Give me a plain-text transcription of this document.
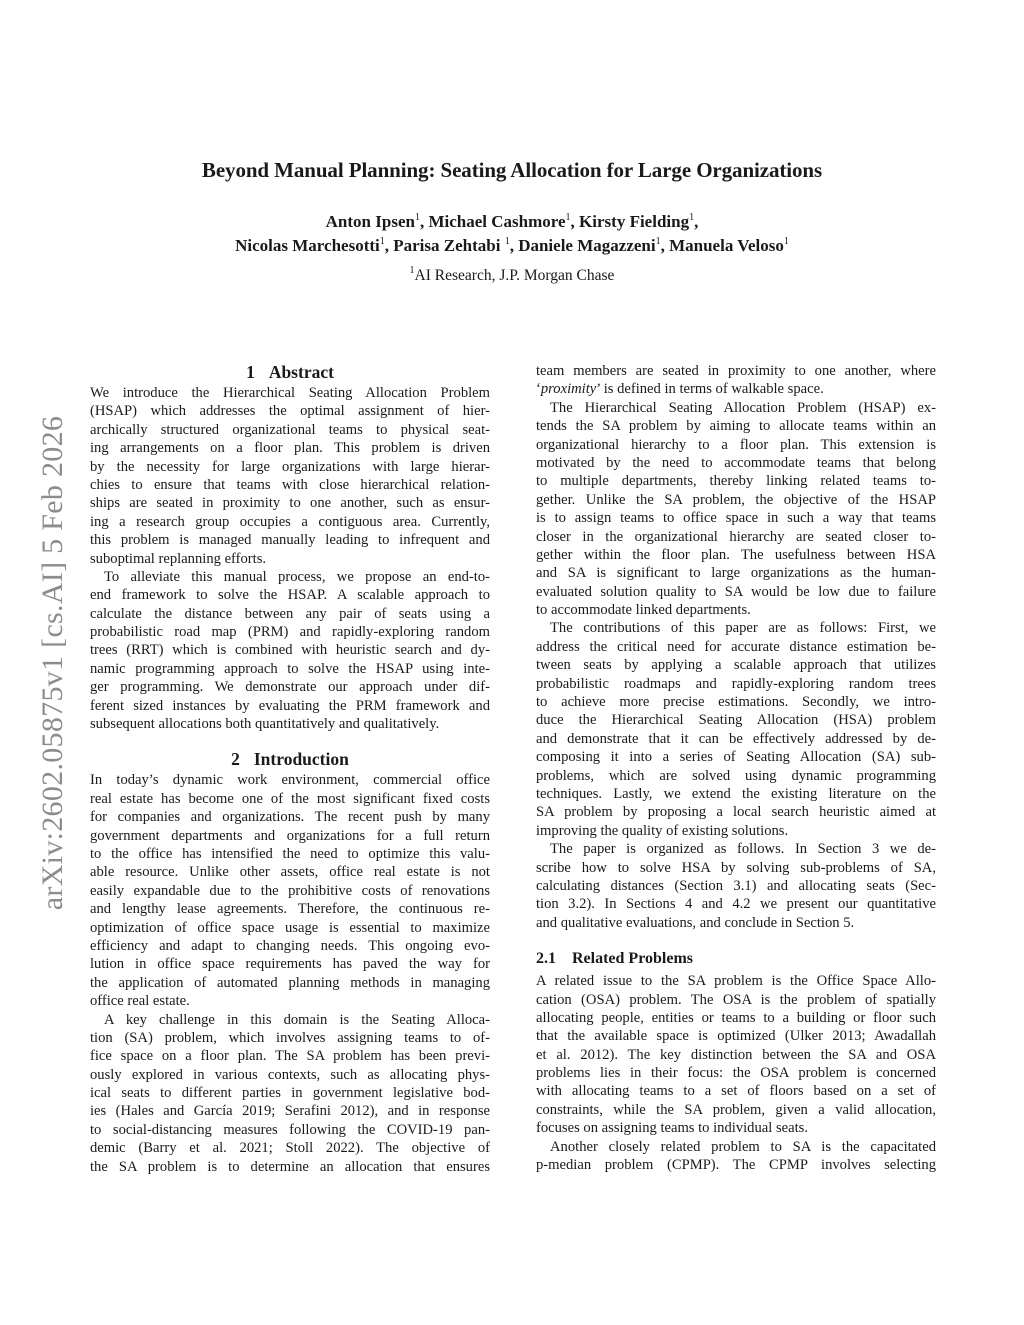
Beyond Manual Planning: Seating Allocation for Large Organizations
Anton Ipsen$^1$, Michael Cashmore$^1$, Kirsty Fielding$^1$,
Nicolas Marchesotti$^1$, Parisa Zehtabi $^1$, Daniele Magazzeni$^1$, Manuela Veloso$^1$
$^1$AI Research, J.P. Morgan Chase
arXiv:2602.05875v1 [cs.AI] 5 Feb 2026
1 Abstract
We introduce the Hierarchical Seating Allocation Problem
(HSAP) which addresses the optimal assignment of hier-
archically structured organizational teams to physical seat-
ing arrangements on a floor plan. This problem is driven
by the necessity for large organizations with large hierar-
chies to ensure that teams with close hierarchical relation-
ships are seated in proximity to one another, such as ensur-
ing a research group occupies a contiguous area. Currently,
this problem is managed manually leading to infrequent and
suboptimal replanning efforts.
To alleviate this manual process, we propose an end-to-
end framework to solve the HSAP. A scalable approach to
calculate the distance between any pair of seats using a
probabilistic road map (PRM) and rapidly-exploring random
trees (RRT) which is combined with heuristic search and dy-
namic programming approach to solve the HSAP using inte-
ger programming. We demonstrate our approach under dif-
ferent sized instances by evaluating the PRM framework and
subsequent allocations both quantitatively and qualitatively.
2 Introduction
In today’s dynamic work environment, commercial office
real estate has become one of the most significant fixed costs
for companies and organizations. The recent push by many
government departments and organizations for a full return
to the office has intensified the need to optimize this valu-
able resource. Unlike other assets, office real estate is not
easily expandable due to the prohibitive costs of renovations
and lengthy lease agreements. Therefore, the continuous re-
optimization of office space usage is essential to maximize
efficiency and adapt to changing needs. This ongoing evo-
lution in office space requirements has paved the way for
the application of automated planning methods in managing
office real estate.
A key challenge in this domain is the Seating Alloca-
tion (SA) problem, which involves assigning teams to of-
fice space on a floor plan. The SA problem has been previ-
ously explored in various contexts, such as allocating phys-
ical seats to different parties in government legislative bod-
ies (Hales and García 2019; Serafini 2012), and in response
to social-distancing measures following the COVID-19 pan-
demic (Barry et al. 2021; Stoll 2022). The objective of
the SA problem is to determine an allocation that ensures
team members are seated in proximity to one another, where
‘proximity’ is defined in terms of walkable space.
The Hierarchical Seating Allocation Problem (HSAP) ex-
tends the SA problem by aiming to allocate teams within an
organizational hierarchy to a floor plan. This extension is
motivated by the need to accommodate teams that belong
to multiple departments, thereby linking related teams to-
gether. Unlike the SA problem, the objective of the HSAP
is to assign teams to office space in such a way that teams
closer in the organizational hierarchy are seated closer to-
gether within the floor plan. The usefulness between HSA
and SA is significant to large organizations as the human-
evaluated solution quality to SA would be low due to failure
to accommodate linked departments.
The contributions of this paper are as follows: First, we
address the critical need for accurate distance estimation be-
tween seats by applying a scalable approach that utilizes
probabilistic roadmaps and rapidly-exploring random trees
to achieve more precise estimations. Secondly, we intro-
duce the Hierarchical Seating Allocation (HSA) problem
and demonstrate that it can be effectively addressed by de-
composing it into a series of Seating Allocation (SA) sub-
problems, which are solved using dynamic programming
techniques. Lastly, we extend the existing literature on the
SA problem by proposing a local search heuristic aimed at
improving the quality of existing solutions.
The paper is organized as follows. In Section 3 we de-
scribe how to solve HSA by solving sub-problems of SA,
calculating distances (Section 3.1) and allocating seats (Sec-
tion 3.2). In Sections 4 and 4.2 we present our quantitative
and qualitative evaluations, and conclude in Section 5.
2.1 Related Problems
A related issue to the SA problem is the Office Space Allo-
cation (OSA) problem. The OSA is the problem of spatially
allocating people, entities or teams to a building or floor such
that the available space is optimized (Ulker 2013; Awadallah
et al. 2012). The key distinction between the SA and OSA
problems lies in their focus: the OSA problem is concerned
with allocating teams to a set of floors based on a set of
constraints, while the SA problem, given a valid allocation,
focuses on assigning teams to individual seats.
Another closely related problem to SA is the capacitated
p-median problem (CPMP). The CPMP involves selecting
